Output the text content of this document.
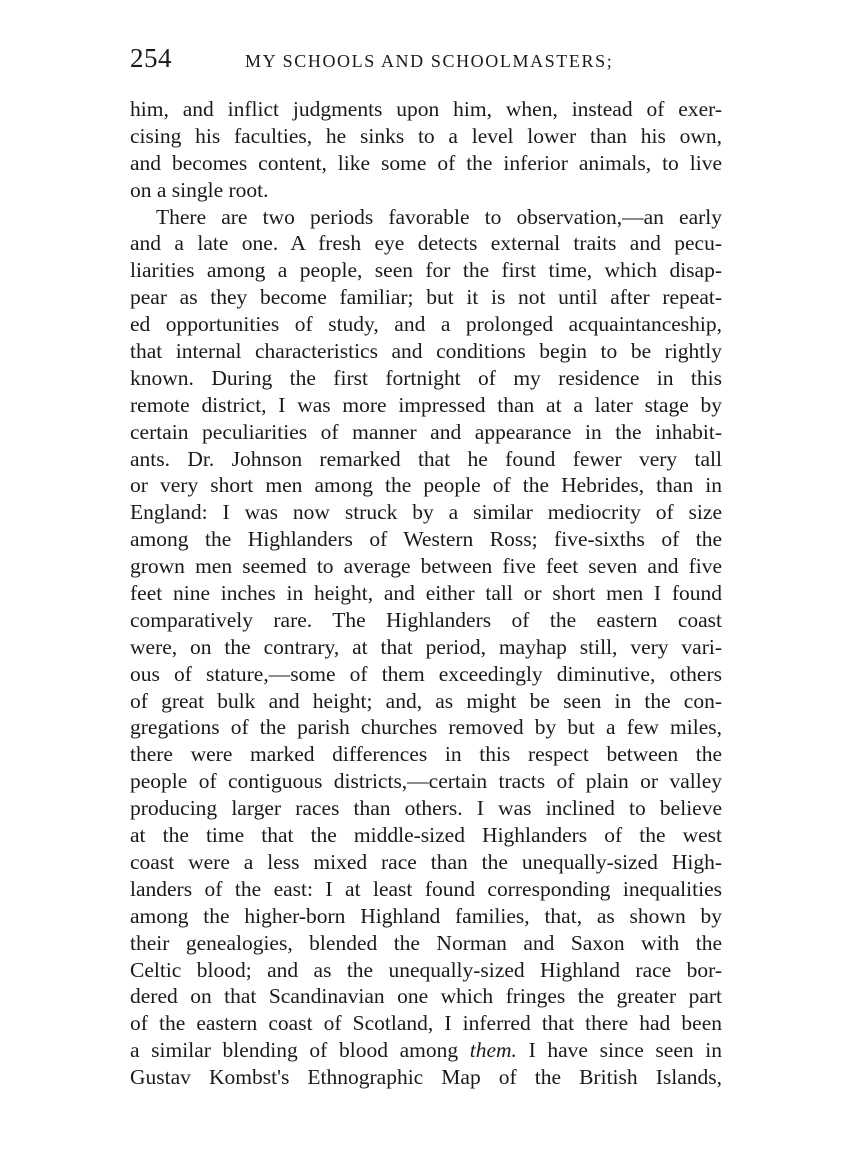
254	MY SCHOOLS AND SCHOOLMASTERS;
him, and inflict judgments upon him, when, instead of exer-
cising his faculties, he sinks to a level lower than his own,
and becomes content, like some of the inferior animals, to live
on a single root.
There are two periods favorable to observation,—an early
and a late one. A fresh eye detects external traits and pecu-
liarities among a people, seen for the first time, which disap-
pear as they become familiar; but it is not until after repeat-
ed opportunities of study, and a prolonged acquaintanceship,
that internal characteristics and conditions begin to be rightly
known. During the first fortnight of my residence in this
remote district, I was more impressed than at a later stage by
certain peculiarities of manner and appearance in the inhabit-
ants. Dr. Johnson remarked that he found fewer very tall
or very short men among the people of the Hebrides, than in
England: I was now struck by a similar mediocrity of size
among the Highlanders of Western Ross; five-sixths of the
grown men seemed to average between five feet seven and five
feet nine inches in height, and either tall or short men I found
comparatively rare. The Highlanders of the eastern coast
were, on the contrary, at that period, mayhap still, very vari-
ous of stature,—some of them exceedingly diminutive, others
of great bulk and height; and, as might be seen in the con-
gregations of the parish churches removed by but a few miles,
there were marked differences in this respect between the
people of contiguous districts,—certain tracts of plain or valley
producing larger races than others. I was inclined to believe
at the time that the middle-sized Highlanders of the west
coast were a less mixed race than the unequally-sized High-
landers of the east: I at least found corresponding inequalities
among the higher-born Highland families, that, as shown by
their genealogies, blended the Norman and Saxon with the
Celtic blood; and as the unequally-sized Highland race bor-
dered on that Scandinavian one which fringes the greater part
of the eastern coast of Scotland, I inferred that there had been
a similar blending of blood among them. I have since seen in
Gustav Kombst's Ethnographic Map of the British Islands,
